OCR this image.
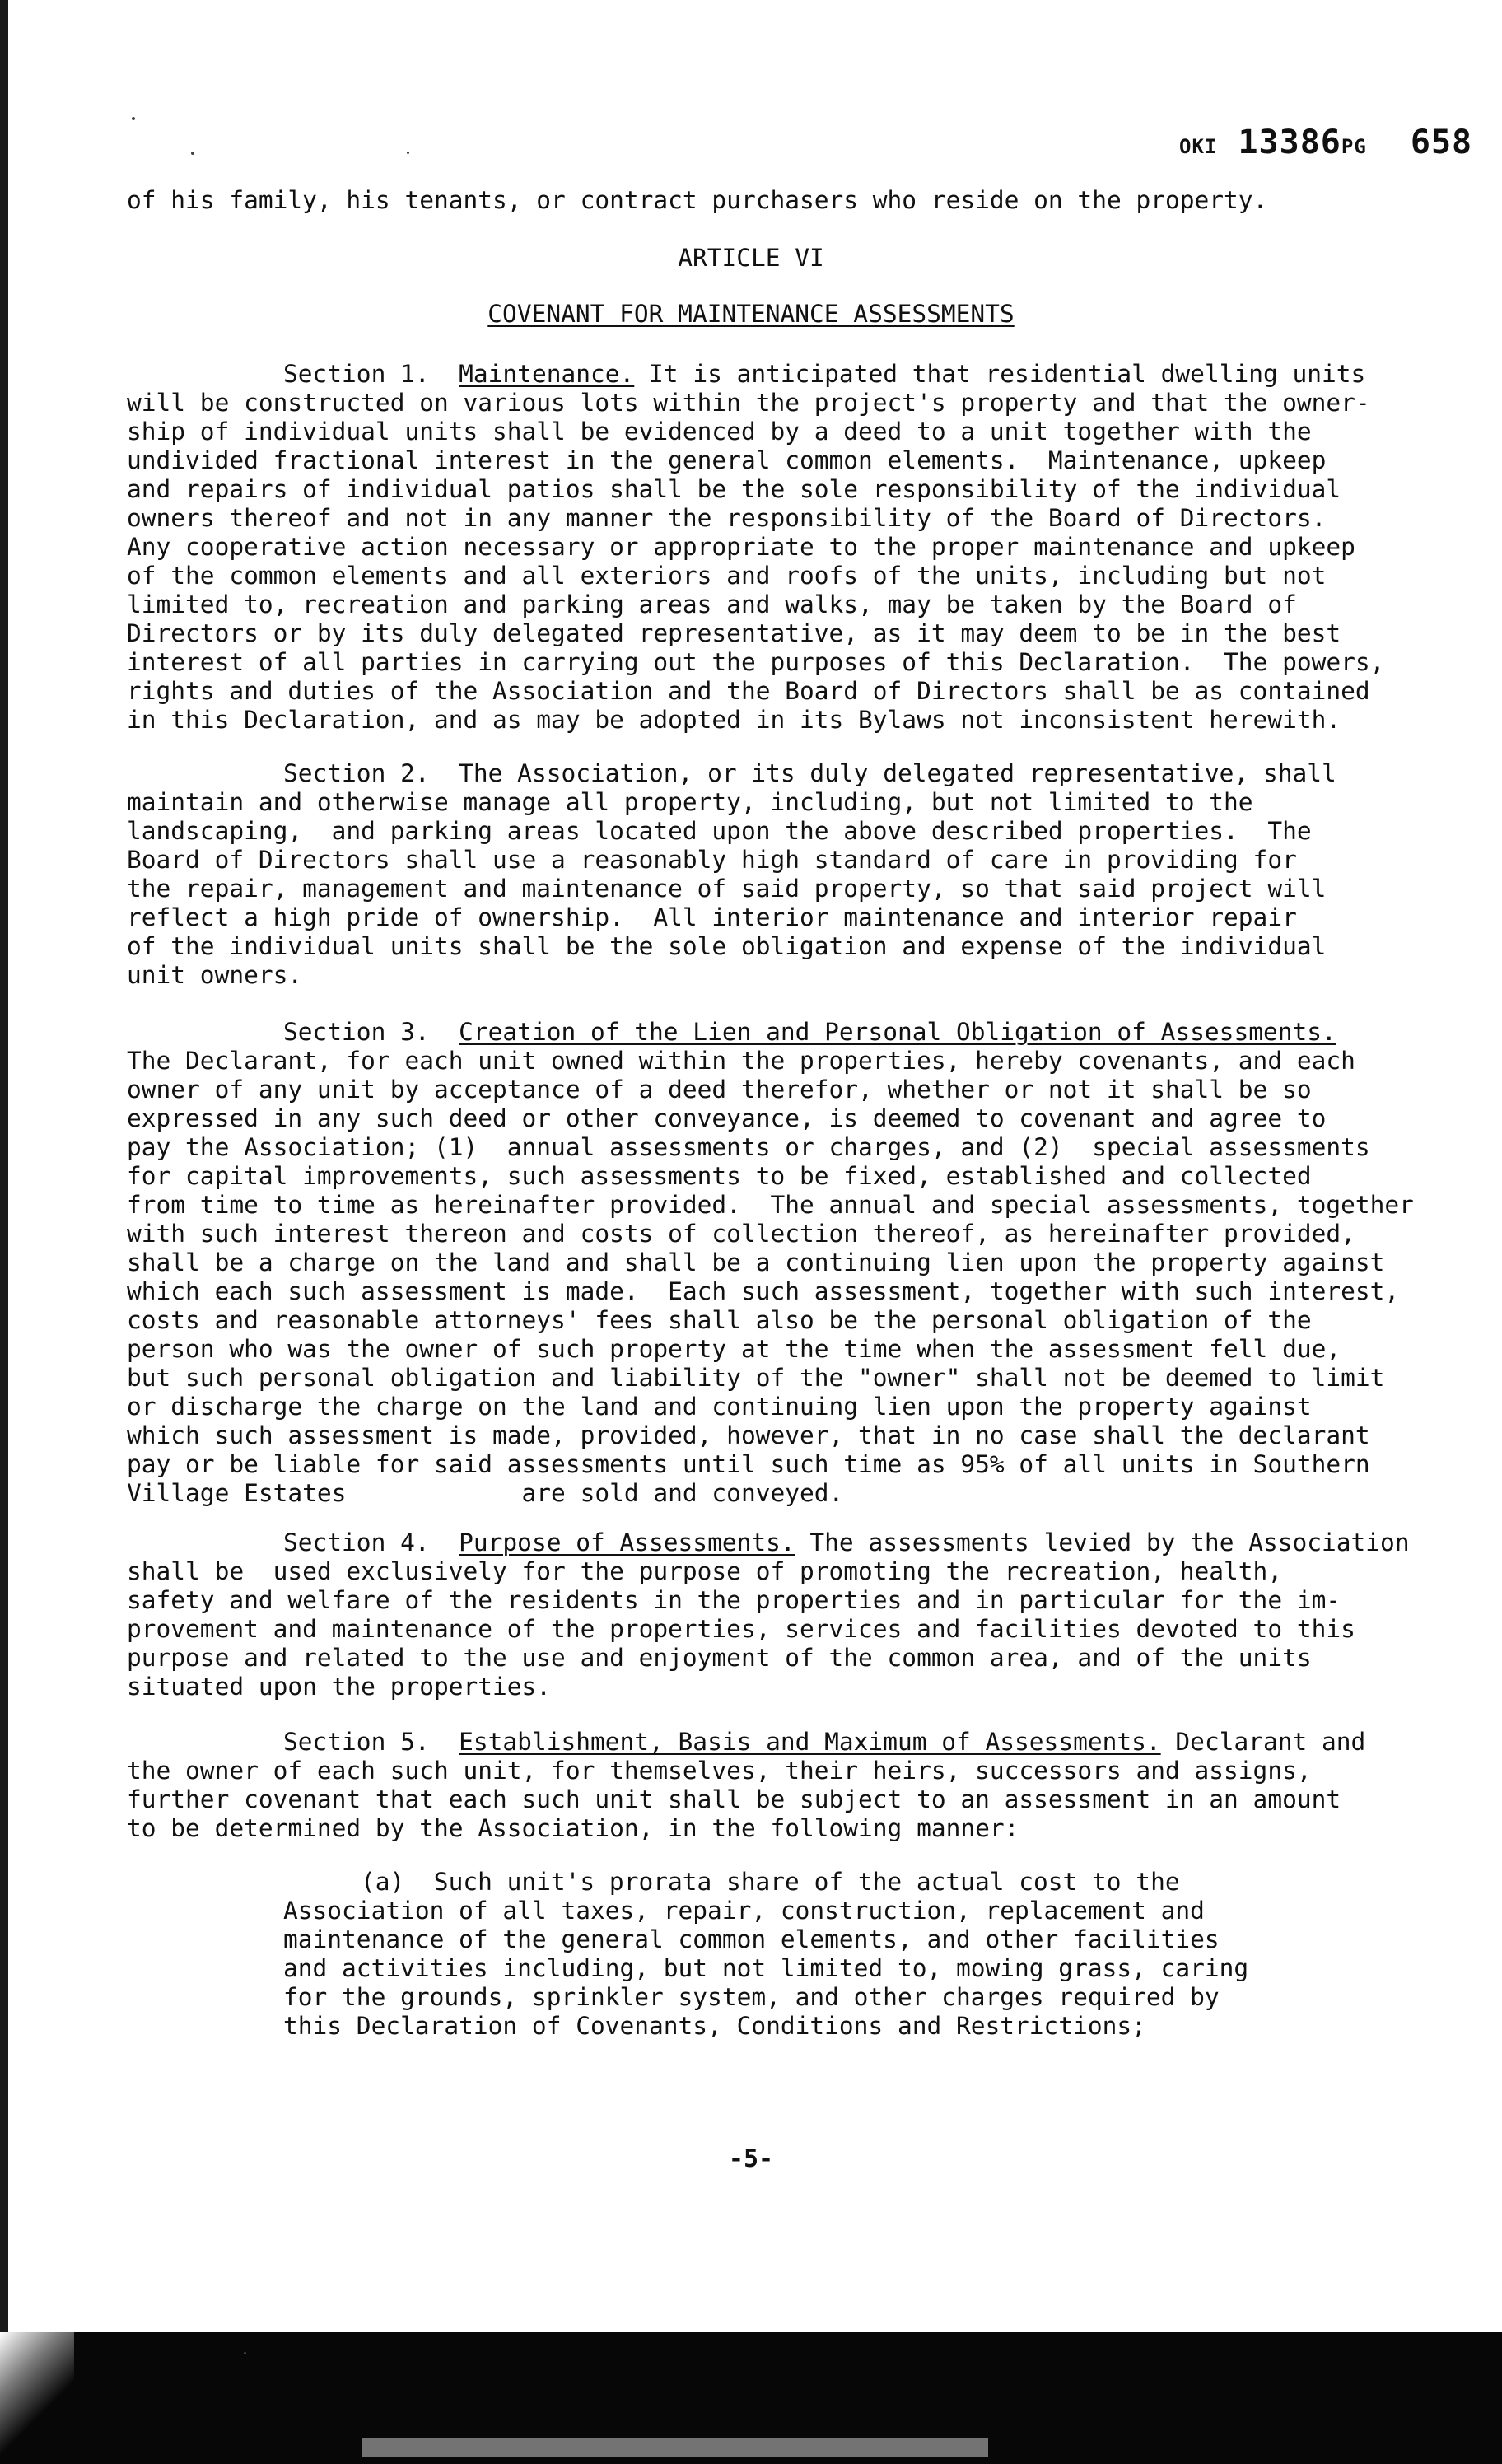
OKI 13386PG 658
of his family, his tenants, or contract purchasers who reside on the property.
ARTICLE VI
COVENANT FOR MAINTENANCE ASSESSMENTS
Section 1. Maintenance. It is anticipated that residential dwelling units
will be constructed on various lots within the project's property and that the owner-
ship of individual units shall be evidenced by a deed to a unit together with the
undivided fractional interest in the general common elements.  Maintenance, upkeep
and repairs of individual patios shall be the sole responsibility of the individual
owners thereof and not in any manner the responsibility of the Board of Directors.
Any cooperative action necessary or appropriate to the proper maintenance and upkeep
of the common elements and all exteriors and roofs of the units, including but not
limited to, recreation and parking areas and walks, may be taken by the Board of
Directors or by its duly delegated representative, as it may deem to be in the best
interest of all parties in carrying out the purposes of this Declaration.  The powers,
rights and duties of the Association and the Board of Directors shall be as contained
in this Declaration, and as may be adopted in its Bylaws not inconsistent herewith.
Section 2.  The Association, or its duly delegated representative, shall
maintain and otherwise manage all property, including, but not limited to the
landscaping,  and parking areas located upon the above described properties.  The
Board of Directors shall use a reasonably high standard of care in providing for
the repair, management and maintenance of said property, so that said project will
reflect a high pride of ownership.  All interior maintenance and interior repair
of the individual units shall be the sole obligation and expense of the individual
unit owners.
Section 3. Creation of the Lien and Personal Obligation of Assessments.
The Declarant, for each unit owned within the properties, hereby covenants, and each
owner of any unit by acceptance of a deed therefor, whether or not it shall be so
expressed in any such deed or other conveyance, is deemed to covenant and agree to
pay the Association; (1)  annual assessments or charges, and (2)  special assessments
for capital improvements, such assessments to be fixed, established and collected
from time to time as hereinafter provided.  The annual and special assessments, together
with such interest thereon and costs of collection thereof, as hereinafter provided,
shall be a charge on the land and shall be a continuing lien upon the property against
which each such assessment is made.  Each such assessment, together with such interest,
costs and reasonable attorneys' fees shall also be the personal obligation of the
person who was the owner of such property at the time when the assessment fell due,
but such personal obligation and liability of the "owner" shall not be deemed to limit
or discharge the charge on the land and continuing lien upon the property against
which such assessment is made, provided, however, that in no case shall the declarant
pay or be liable for said assessments until such time as 95% of all units in Southern
Village Estates            are sold and conveyed.
Section 4. Purpose of Assessments. The assessments levied by the Association
shall be  used exclusively for the purpose of promoting the recreation, health,
safety and welfare of the residents in the properties and in particular for the im-
provement and maintenance of the properties, services and facilities devoted to this
purpose and related to the use and enjoyment of the common area, and of the units
situated upon the properties.
Section 5. Establishment, Basis and Maximum of Assessments. Declarant and
the owner of each such unit, for themselves, their heirs, successors and assigns,
further covenant that each such unit shall be subject to an assessment in an amount
to be determined by the Association, in the following manner:
(a)  Such unit's prorata share of the actual cost to the
Association of all taxes, repair, construction, replacement and
maintenance of the general common elements, and other facilities
and activities including, but not limited to, mowing grass, caring
for the grounds, sprinkler system, and other charges required by
this Declaration of Covenants, Conditions and Restrictions;
-5-
